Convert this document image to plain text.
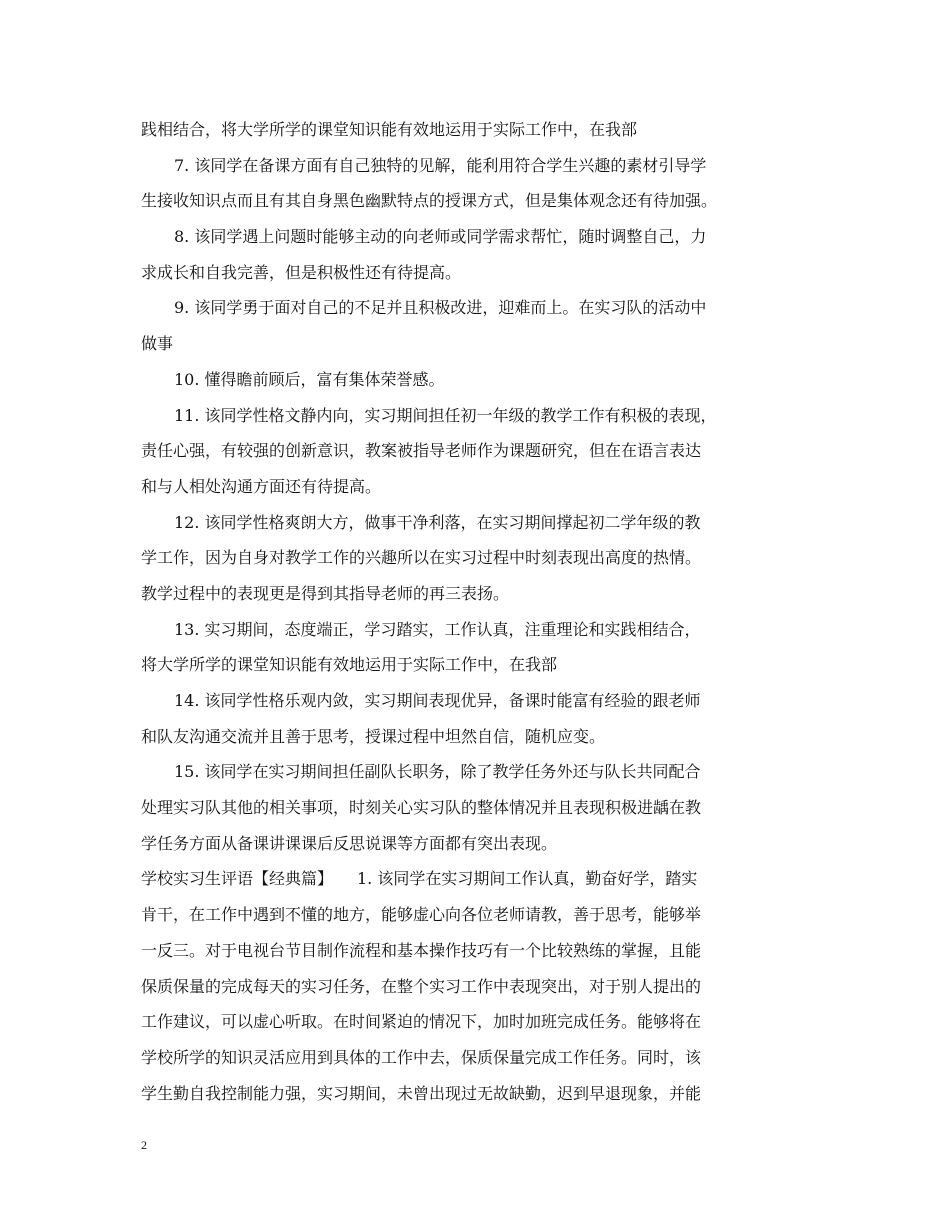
践相结合，将大学所学的课堂知识能有效地运用于实际工作中，在我部
7. 该同学在备课方面有自己独特的见解，能利用符合学生兴趣的素材引导学
生接收知识点而且有其自身黑色幽默特点的授课方式，但是集体观念还有待加强。
8. 该同学遇上问题时能够主动的向老师或同学需求帮忙，随时调整自己，力
求成长和自我完善，但是积极性还有待提高。
9. 该同学勇于面对自己的不足并且积极改进，迎难而上。在实习队的活动中
做事
10. 懂得瞻前顾后，富有集体荣誉感。
11. 该同学性格文静内向，实习期间担任初一年级的教学工作有积极的表现，
责任心强，有较强的创新意识，教案被指导老师作为课题研究，但在在语言表达
和与人相处沟通方面还有待提高。
12. 该同学性格爽朗大方，做事干净利落，在实习期间撑起初二学年级的教
学工作，因为自身对教学工作的兴趣所以在实习过程中时刻表现出高度的热情。
教学过程中的表现更是得到其指导老师的再三表扬。
13. 实习期间，态度端正，学习踏实，工作认真，注重理论和实践相结合，
将大学所学的课堂知识能有效地运用于实际工作中，在我部
14. 该同学性格乐观内敛，实习期间表现优异，备课时能富有经验的跟老师
和队友沟通交流并且善于思考，授课过程中坦然自信，随机应变。
15. 该同学在实习期间担任副队长职务，除了教学任务外还与队长共同配合
处理实习队其他的相关事项，时刻关心实习队的整体情况并且表现积极进龋在教
学任务方面从备课讲课课后反思说课等方面都有突出表现。
学校实习生评语【经典篇】　　1. 该同学在实习期间工作认真，勤奋好学，踏实
肯干，在工作中遇到不懂的地方，能够虚心向各位老师请教，善于思考，能够举
一反三。对于电视台节目制作流程和基本操作技巧有一个比较熟练的掌握，且能
保质保量的完成每天的实习任务，在整个实习工作中表现突出，对于别人提出的
工作建议，可以虚心听取。在时间紧迫的情况下，加时加班完成任务。能够将在
学校所学的知识灵活应用到具体的工作中去，保质保量完成工作任务。同时，该
学生勤自我控制能力强，实习期间，未曾出现过无故缺勤，迟到早退现象，并能
2
